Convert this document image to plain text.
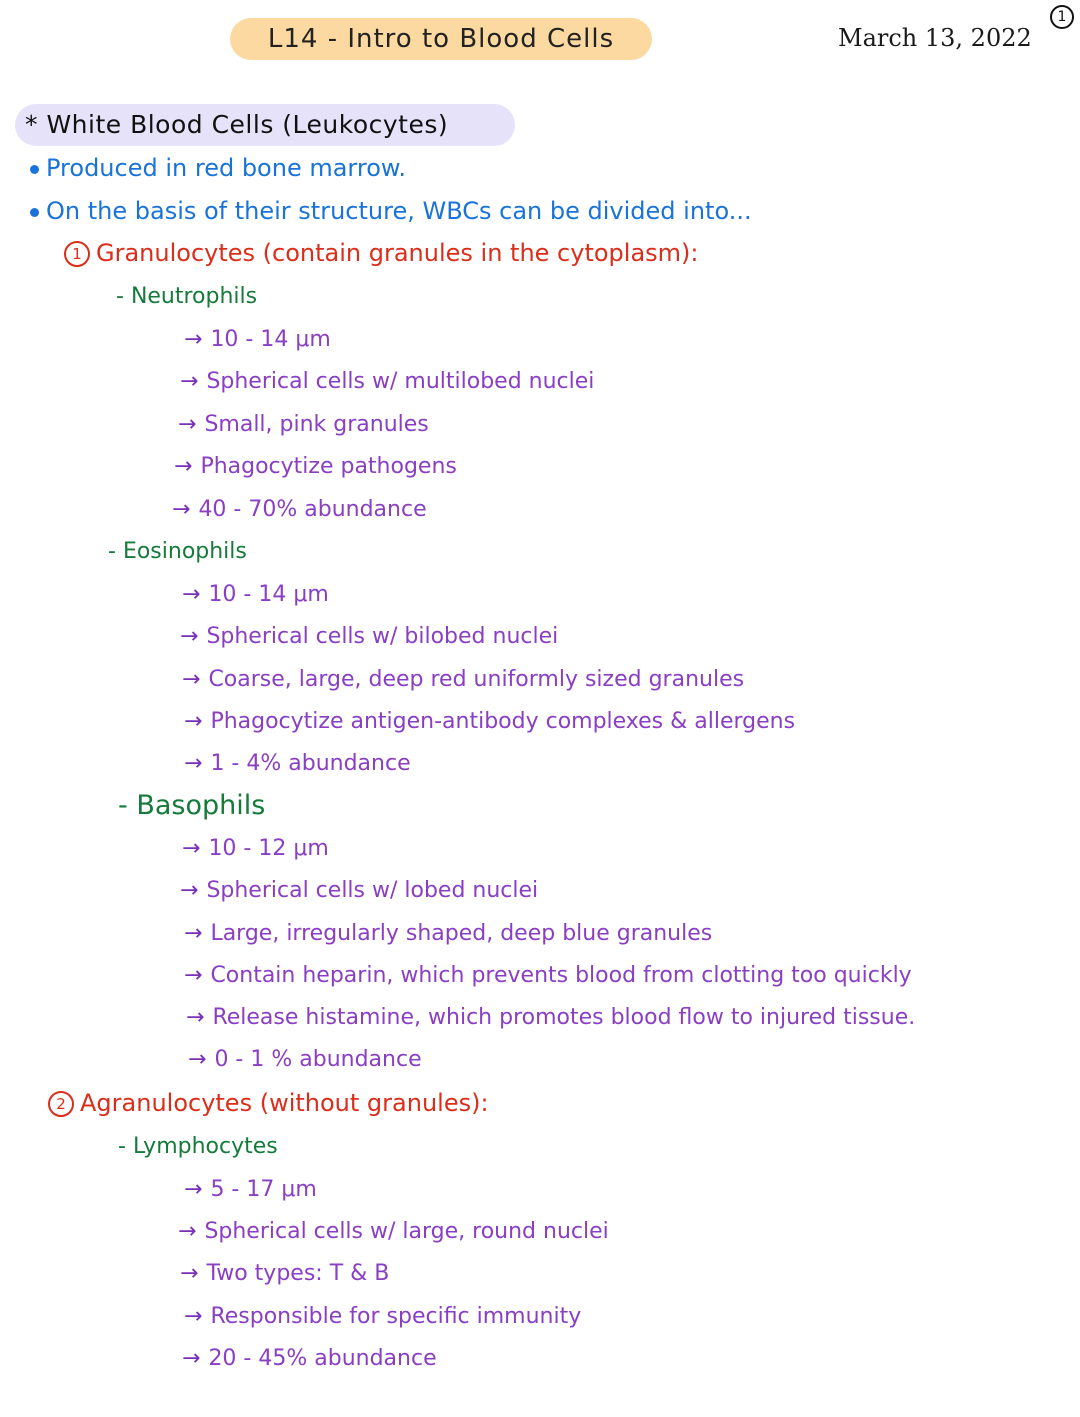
L14 - Intro to Blood Cells	March 13, 2022
1
* White Blood Cells (Leukocytes)
Produced in red bone marrow.
On the basis of their structure, WBCs can be divided into...
1 Granulocytes (contain granules in the cytoplasm):
- Neutrophils
→ 10 - 14 μm
→ Spherical cells w/ multilobed nuclei
→ Small, pink granules
→ Phagocytize pathogens
→ 40 - 70% abundance
- Eosinophils
→ 10 - 14 μm
→ Spherical cells w/ bilobed nuclei
→ Coarse, large, deep red uniformly sized granules
→ Phagocytize antigen-antibody complexes & allergens
→ 1 - 4% abundance
- Basophils
→ 10 - 12 μm
→ Spherical cells w/ lobed nuclei
→ Large, irregularly shaped, deep blue granules
→ Contain heparin, which prevents blood from clotting too quickly
→ Release histamine, which promotes blood flow to injured tissue.
→ 0 - 1 % abundance
2 Agranulocytes (without granules):
- Lymphocytes
→ 5 - 17 μm
→ Spherical cells w/ large, round nuclei
→ Two types: T & B
→ Responsible for specific immunity
→ 20 - 45% abundance
